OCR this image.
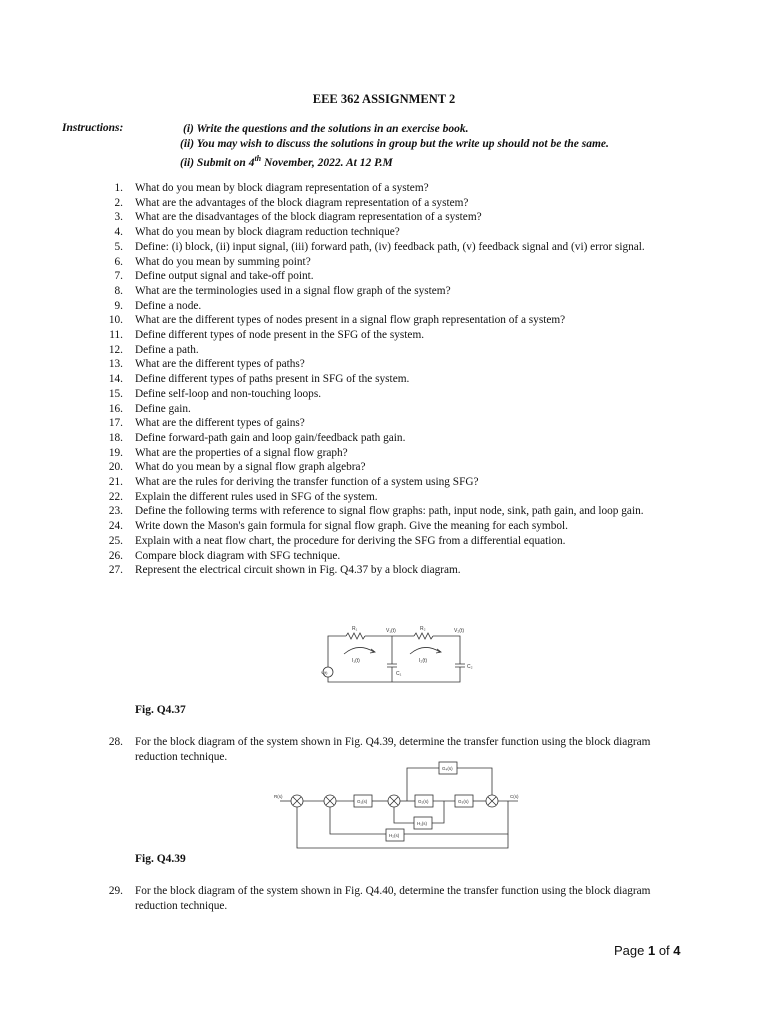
EEE 362 ASSIGNMENT 2
Instructions:	(i) Write the questions and the solutions in an exercise book.
(ii) You may wish to discuss the solutions in group but the write up should not be the same.
(ii) Submit on 4th November, 2022. At 12 P.M
1. What do you mean by block diagram representation of a system?
2. What are the advantages of the block diagram representation of a system?
3. What are the disadvantages of the block diagram representation of a system?
4. What do you mean by block diagram reduction technique?
5. Define: (i) block, (ii) input signal, (iii) forward path, (iv) feedback path, (v) feedback signal and (vi) error signal.
6. What do you mean by summing point?
7. Define output signal and take-off point.
8. What are the terminologies used in a signal flow graph of the system?
9. Define a node.
10. What are the different types of nodes present in a signal flow graph representation of a system?
11. Define different types of node present in the SFG of the system.
12. Define a path.
13. What are the different types of paths?
14. Define different types of paths present in SFG of the system.
15. Define self-loop and non-touching loops.
16. Define gain.
17. What are the different types of gains?
18. Define forward-path gain and loop gain/feedback path gain.
19. What are the properties of a signal flow graph?
20. What do you mean by a signal flow graph algebra?
21. What are the rules for deriving the transfer function of a system using SFG?
22. Explain the different rules used in SFG of the system.
23. Define the following terms with reference to signal flow graphs: path, input node, sink, path gain, and loop gain.
24. Write down the Mason's gain formula for signal flow graph. Give the meaning for each symbol.
25. Explain with a neat flow chart, the procedure for deriving the SFG from a differential equation.
26. Compare block diagram with SFG technique.
27. Represent the electrical circuit shown in Fig. Q4.37 by a block diagram.
R₁	R₂
V₁(t)	V₂(t)
I₁(t)	I₂(t)
C₁
C₂
V(t)
Fig. Q4.37
28.	For the block diagram of the system shown in Fig. Q4.39, determine the transfer function using the block diagram reduction technique.
R(s)	C(s)
G₁(s)	G₂(s)	G₃(s)
G₄(s)
H₁(s)
H₂(s)
Fig. Q4.39
29.	For the block diagram of the system shown in Fig. Q4.40, determine the transfer function using the block diagram reduction technique.
Page 1 of 4
